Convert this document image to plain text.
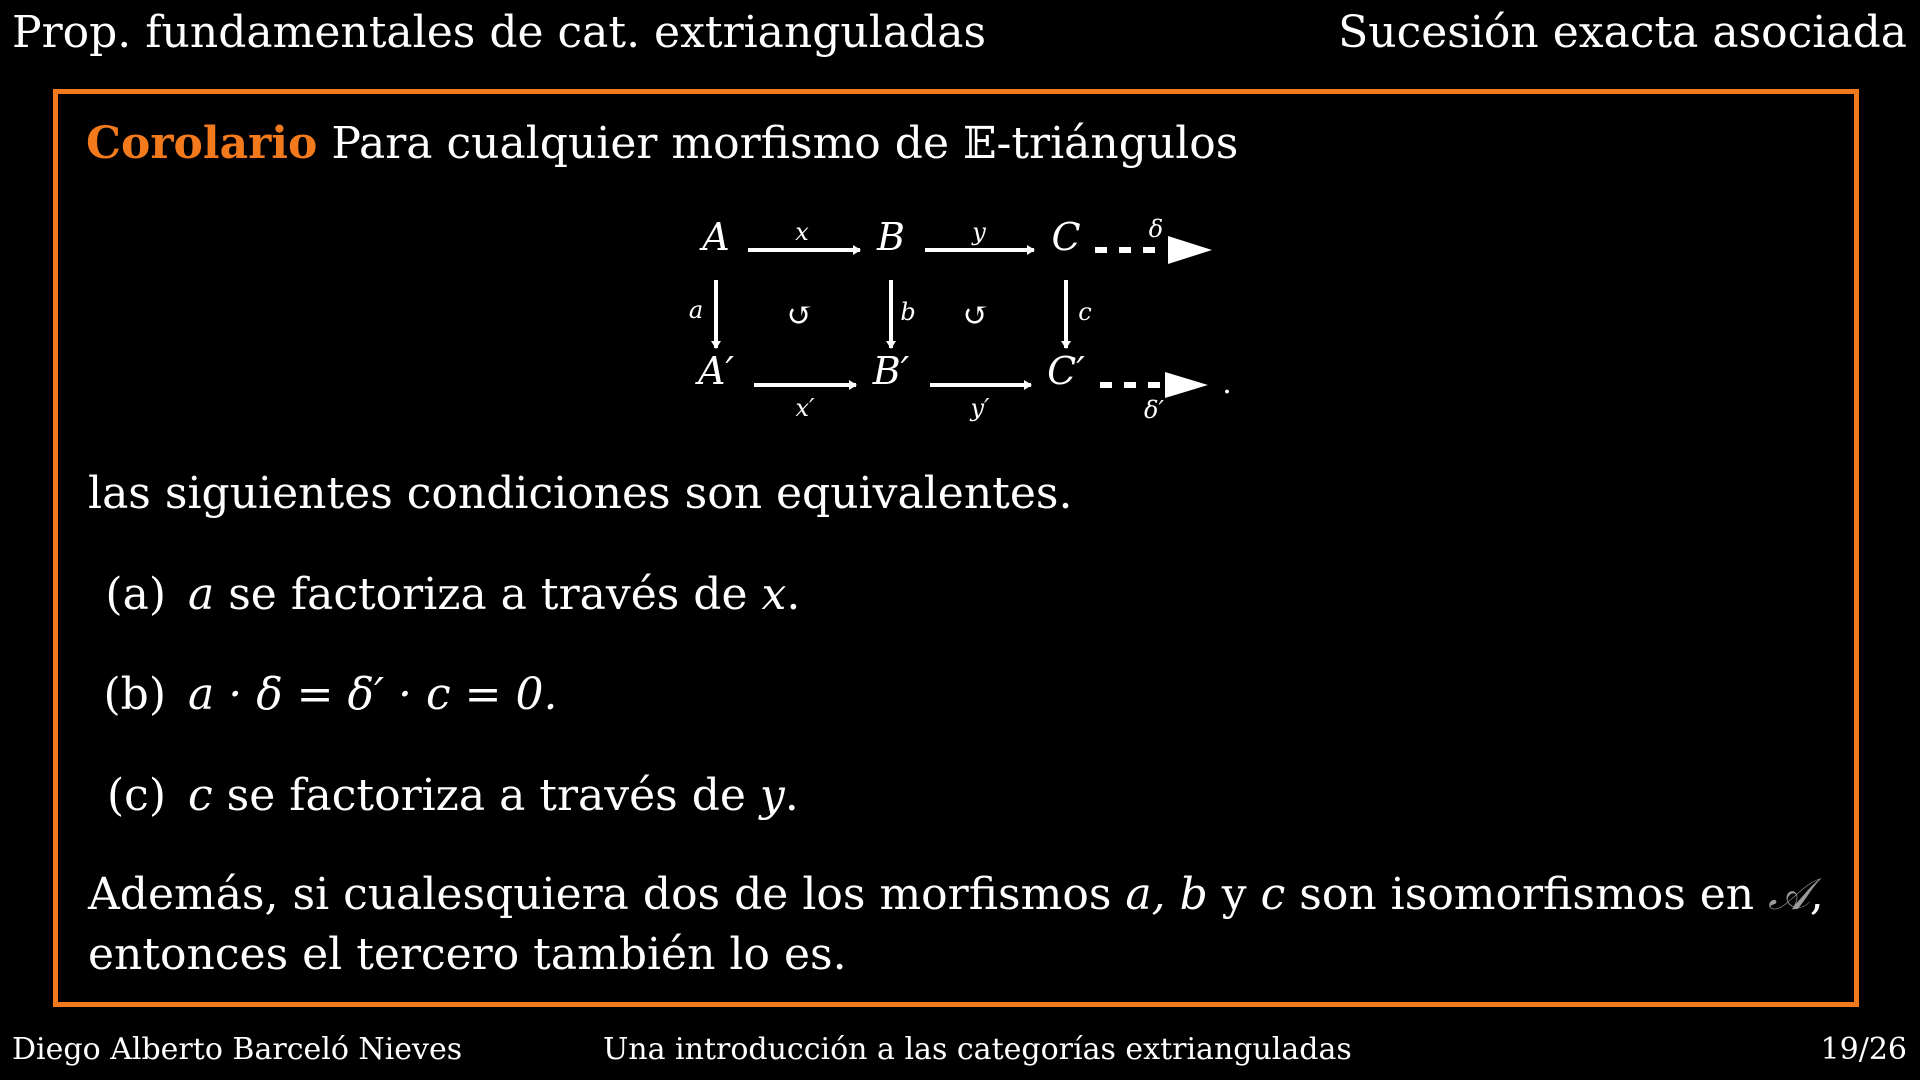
Prop. fundamentales de cat. extrianguladas	Sucesión exacta asociada
Corolario Para cualquier morfismo de 𝔼-triángulos
A	B	C
A′	B′	C′
x	y
x′	y′
a	b	c
δ
δ′
↺	↺
.
las siguientes condiciones son equivalentes.
(a) a se factoriza a través de x.
(b) a · δ = δ′ · c = 0.
(c) c se factoriza a través de y.
Además, si cualesquiera dos de los morfismos a, b y c son isomorfismos en 𝒜,
entonces el tercero también lo es.
Diego Alberto Barceló Nieves	Una introducción a las categorías extrianguladas	19/26
